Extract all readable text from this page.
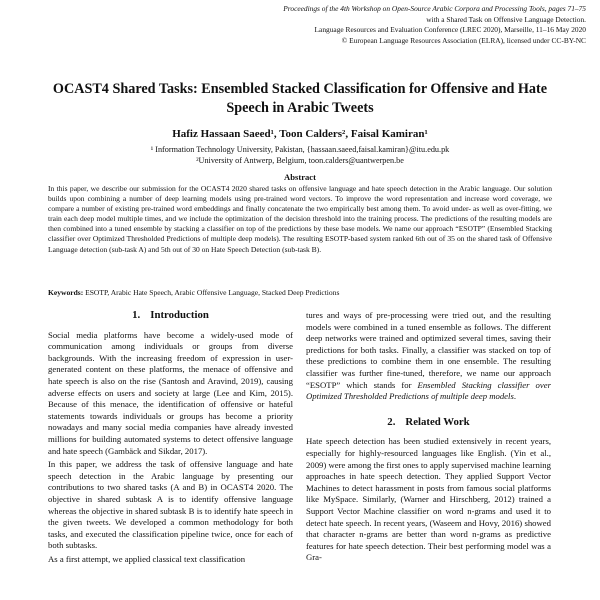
Proceedings of the 4th Workshop on Open-Source Arabic Corpora and Processing Tools, pages 71–75
with a Shared Task on Offensive Language Detection.
Language Resources and Evaluation Conference (LREC 2020), Marseille, 11–16 May 2020
© European Language Resources Association (ELRA), licensed under CC-BY-NC
OCAST4 Shared Tasks: Ensembled Stacked Classification for Offensive and Hate Speech in Arabic Tweets
Hafiz Hassaan Saeed¹, Toon Calders², Faisal Kamiran¹
¹ Information Technology University, Pakistan, {hassaan.saeed,faisal.kamiran}@itu.edu.pk
²University of Antwerp, Belgium, toon.calders@uantwerpen.be
Abstract
In this paper, we describe our submission for the OCAST4 2020 shared tasks on offensive language and hate speech detection in the Arabic language. Our solution builds upon combining a number of deep learning models using pre-trained word vectors. To improve the word representation and increase word coverage, we compare a number of existing pre-trained word embeddings and finally concatenate the two empirically best among them. To avoid under- as well as over-fitting, we train each deep model multiple times, and we include the optimization of the decision threshold into the training process. The predictions of the resulting models are then combined into a tuned ensemble by stacking a classifier on top of the predictions by these base models. We name our approach “ESOTP” (Ensembled Stacking classifier over Optimized Thresholded Predictions of multiple deep models). The resulting ESOTP-based system ranked 6th out of 35 on the shared task of Offensive Language detection (sub-task A) and 5th out of 30 on Hate Speech Detection (sub-task B).
Keywords: ESOTP, Arabic Hate Speech, Arabic Offensive Language, Stacked Deep Predictions
1. Introduction

Social media platforms have become a widely-used mode of communication among individuals or groups from diverse backgrounds. With the increasing freedom of expression in user-generated content on these platforms, the menace of offensive and hate speech is also on the rise (Santosh and Aravind, 2019), causing adverse effects on users and society at large (Lee and Kim, 2015). Because of this menace, the identification of offensive or hateful statements towards individuals or groups has become a priority nowadays and many social media companies have already invested millions for building automated systems to detect offensive language and hate speech (Gambäck and Sikdar, 2017).

In this paper, we address the task of offensive language and hate speech detection in the Arabic language by presenting our contributions to two shared tasks (A and B) in OCAST4 2020. The objective in shared subtask A is to identify offensive language whereas the objective in shared subtask B is to identify hate speech in the given tweets. We developed a common methodology for both tasks, and executed the classification pipeline twice, once for each of both subtasks.

As a first attempt, we applied classical text classification

tures and ways of pre-processing were tried out, and the resulting models were combined in a tuned ensemble as follows. The different deep networks were trained and optimized several times, saving their predictions for both tasks. Finally, a classifier was stacked on top of these predictions to combine them in one ensemble. The resulting classifier was further fine-tuned, therefore, we name our approach “ESOTP” which stands for Ensembled Stacking classifier over Optimized Thresholded Predictions of multiple deep models.

2. Related Work

Hate speech detection has been studied extensively in recent years, especially for highly-resourced languages like English. (Yin et al., 2009) were among the first ones to apply supervised machine learning approaches in hate speech detection. They applied Support Vector Machines to detect harassment in posts from famous social platforms like MySpace. Similarly, (Warner and Hirschberg, 2012) trained a Support Vector Machine classifier on word n-grams and used it to detect hate speech. In recent years, (Waseem and Hovy, 2016) showed that character n-grams are better than word n-grams as predictive features for hate speech detection. Their best performing model was a Gra-
